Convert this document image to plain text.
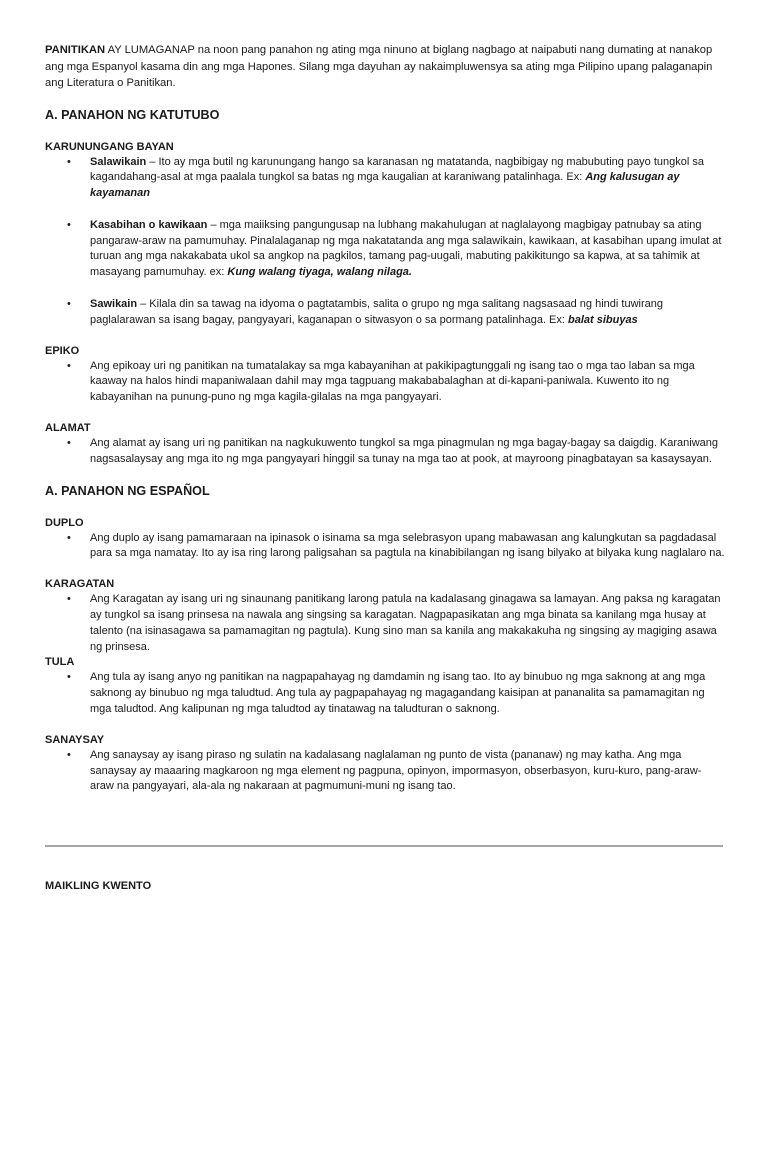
PANITIKAN AY LUMAGANAP na noon pang panahon ng ating mga ninuno at biglang nagbago at naipabuti nang dumating at nanakop ang mga Espanyol kasama din ang mga Hapones. Silang mga dayuhan ay nakaimpluwensya sa ating mga Pilipino upang palaganapin ang Literatura o Panitikan.

A. PANAHON NG KATUTUBO
KARUNUNGANG BAYAN
• Salawikain – Ito ay mga butil ng karunungang hango sa karanasan ng matatanda, nagbibigay ng mabubuting payo tungkol sa kagandahang-asal at mga paalala tungkol sa batas ng mga kaugalian at karaniwang patalinhaga. Ex: Ang kalusugan ay kayamanan
• Kasabihan o kawikaan – mga maiiksing pangungusap na lubhang makahulugan at naglalayong magbigay patnubay sa ating pangaraw-araw na pamumuhay. Pinalalaganap ng mga nakatatanda ang mga salawikain, kawikaan, at kasabihan upang imulat at turuan ang mga nakakabata ukol sa angkop na pagkilos, tamang pag-uugali, mabuting pakikitungo sa kapwa, at sa tahimik at masayang pamumuhay. ex: Kung walang tiyaga, walang nilaga.
• Sawikain – Kilala din sa tawag na idyoma o pagtatambis, salita o grupo ng mga salitang nagsasaad ng hindi tuwirang paglalarawan sa isang bagay, pangyayari, kaganapan o sitwasyon o sa pormang patalinhaga. Ex: balat sibuyas
EPIKO
• Ang epikoay uri ng panitikan na tumatalakay sa mga kabayanihan at pakikipagtunggali ng isang tao o mga tao laban sa mga kaaway na halos hindi mapaniwalaan dahil may mga tagpuang makababalaghan at di-kapani-paniwala. Kuwento ito ng kabayanihan na punung-puno ng mga kagila-gilalas na mga pangyayari.
ALAMAT
• Ang alamat ay isang uri ng panitikan na nagkukuwento tungkol sa mga pinagmulan ng mga bagay-bagay sa daigdig. Karaniwang nagsasalaysay ang mga ito ng mga pangyayari hinggil sa tunay na mga tao at pook, at mayroong pinagbatayan sa kasaysayan.
A. PANAHON NG ESPAÑOL
DUPLO
• Ang duplo ay isang pamamaraan na ipinasok o isinama sa mga selebrasyon upang mabawasan ang kalungkutan sa pagdadasal para sa mga namatay. Ito ay isa ring larong paligsahan sa pagtula na kinabibilangan ng isang bilyako at bilyaka kung naglalaro na.
KARAGATAN
• Ang Karagatan ay isang uri ng sinaunang panitikang larong patula na kadalasang ginagawa sa lamayan. Ang paksa ng karagatan ay tungkol sa isang prinsesa na nawala ang singsing sa karagatan. Nagpapasikatan ang mga binata sa kanilang mga husay at talento (na isinasagawa sa pamamagitan ng pagtula). Kung sino man sa kanila ang makakakuha ng singsing ay magiging asawa ng prinsesa.
TULA
• Ang tula ay isang anyo ng panitikan na nagpapahayag ng damdamin ng isang tao. Ito ay binubuo ng mga saknong at ang mga saknong ay binubuo ng mga taludtud. Ang tula ay pagpapahayag ng magagandang kaisipan at pananalita sa pamamagitan ng mga taludtod. Ang kalipunan ng mga taludtod ay tinatawag na taludturan o saknong.
SANAYSAY
• Ang sanaysay ay isang piraso ng sulatin na kadalasang naglalaman ng punto de vista (pananaw) ng may katha. Ang mga sanaysay ay maaaring magkaroon ng mga element ng pagpuna, opinyon, impormasyon, obserbasyon, kuru-kuro, pang-araw-araw na pangyayari, ala-ala ng nakaraan at pagmumuni-muni ng isang tao.
MAIKLING KWENTO
